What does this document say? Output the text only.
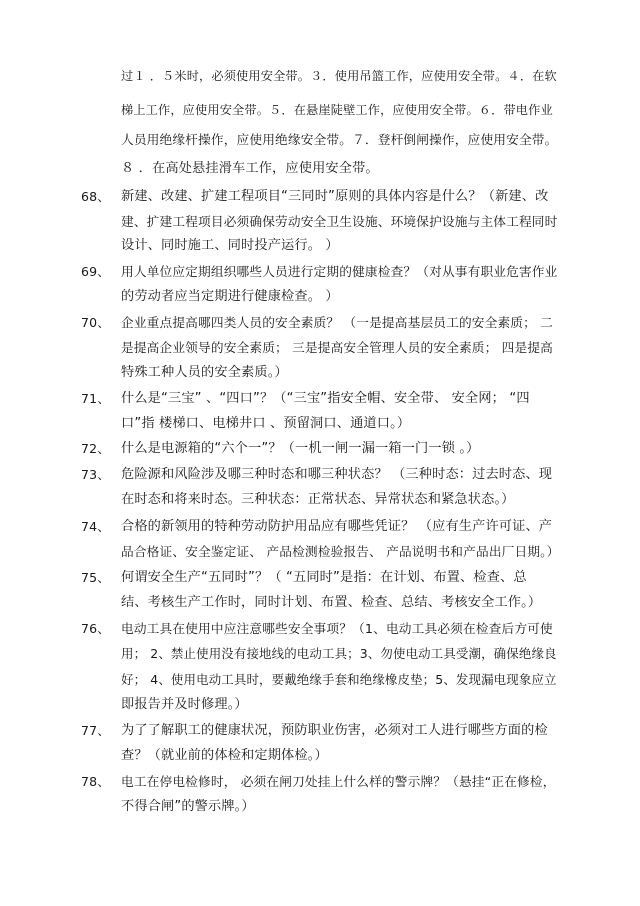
过１ ．５米时，必须使用安全带。３．使用吊篮工作，应使用安全带。４．在软
梯上工作，应使用安全带。５．在悬崖陡壁工作，应使用安全带。６．带电作业
人员用绝缘杆操作，应使用绝缘安全带。７．登杆倒闸操作，应使用安全带。
８ ．在高处悬挂滑车工作，应使用安全带。
68、 新建、改建、扩建工程项目“三同时”原则的具体内容是什么？（新建、改
建、扩建工程项目必须确保劳动安全卫生设施、环境保护设施与主体工程同时
设计、同时施工、同时投产运行。 ）
69、 用人单位应定期组织哪些人员进行定期的健康检查？（对从事有职业危害作业
的劳动者应当定期进行健康检查。 ）
70、 企业重点提高哪四类人员的安全素质？ （一是提高基层员工的安全素质； 二
是提高企业领导的安全素质； 三是提高安全管理人员的安全素质； 四是提高
特殊工种人员的安全素质。）
71、 什么是“三宝” 、“四口”？（“三宝”指安全帽、安全带、 安全网； “四
口”指 楼梯口、电梯井口 、预留洞口、通道口。）
72、 什么是电源箱的“六个一”？（一机一闸一漏一箱一门一锁 。）
73、 危险源和风险涉及哪三种时态和哪三种状态？ （三种时态：过去时态、现
在时态和将来时态。三种状态：正常状态、异常状态和紧急状态。）
74、 合格的新领用的特种劳动防护用品应有哪些凭证？ （应有生产许可证、产
品合格证、安全鉴定证、 产品检测检验报告、 产品说明书和产品出厂日期。）
75、 何谓安全生产“五同时”？（ “五同时”是指：在计划、布置、检查、总
结、考核生产工作时，同时计划、布置、检查、总结、考核安全工作。）
76、 电动工具在使用中应注意哪些安全事项？（1、电动工具必须在检查后方可使
用； 2、禁止使用没有接地线的电动工具；3、勿使电动工具受潮，确保绝缘良
好； 4、使用电动工具时，要戴绝缘手套和绝缘橡皮垫；5、发现漏电现象应立
即报告并及时修理。）
77、 为了了解职工的健康状况，预防职业伤害，必须对工人进行哪些方面的检
查？（就业前的体检和定期体检。）
78、 电工在停电检修时， 必须在闸刀处挂上什么样的警示牌？（悬挂“正在修检，
不得合闸”的警示牌。）
